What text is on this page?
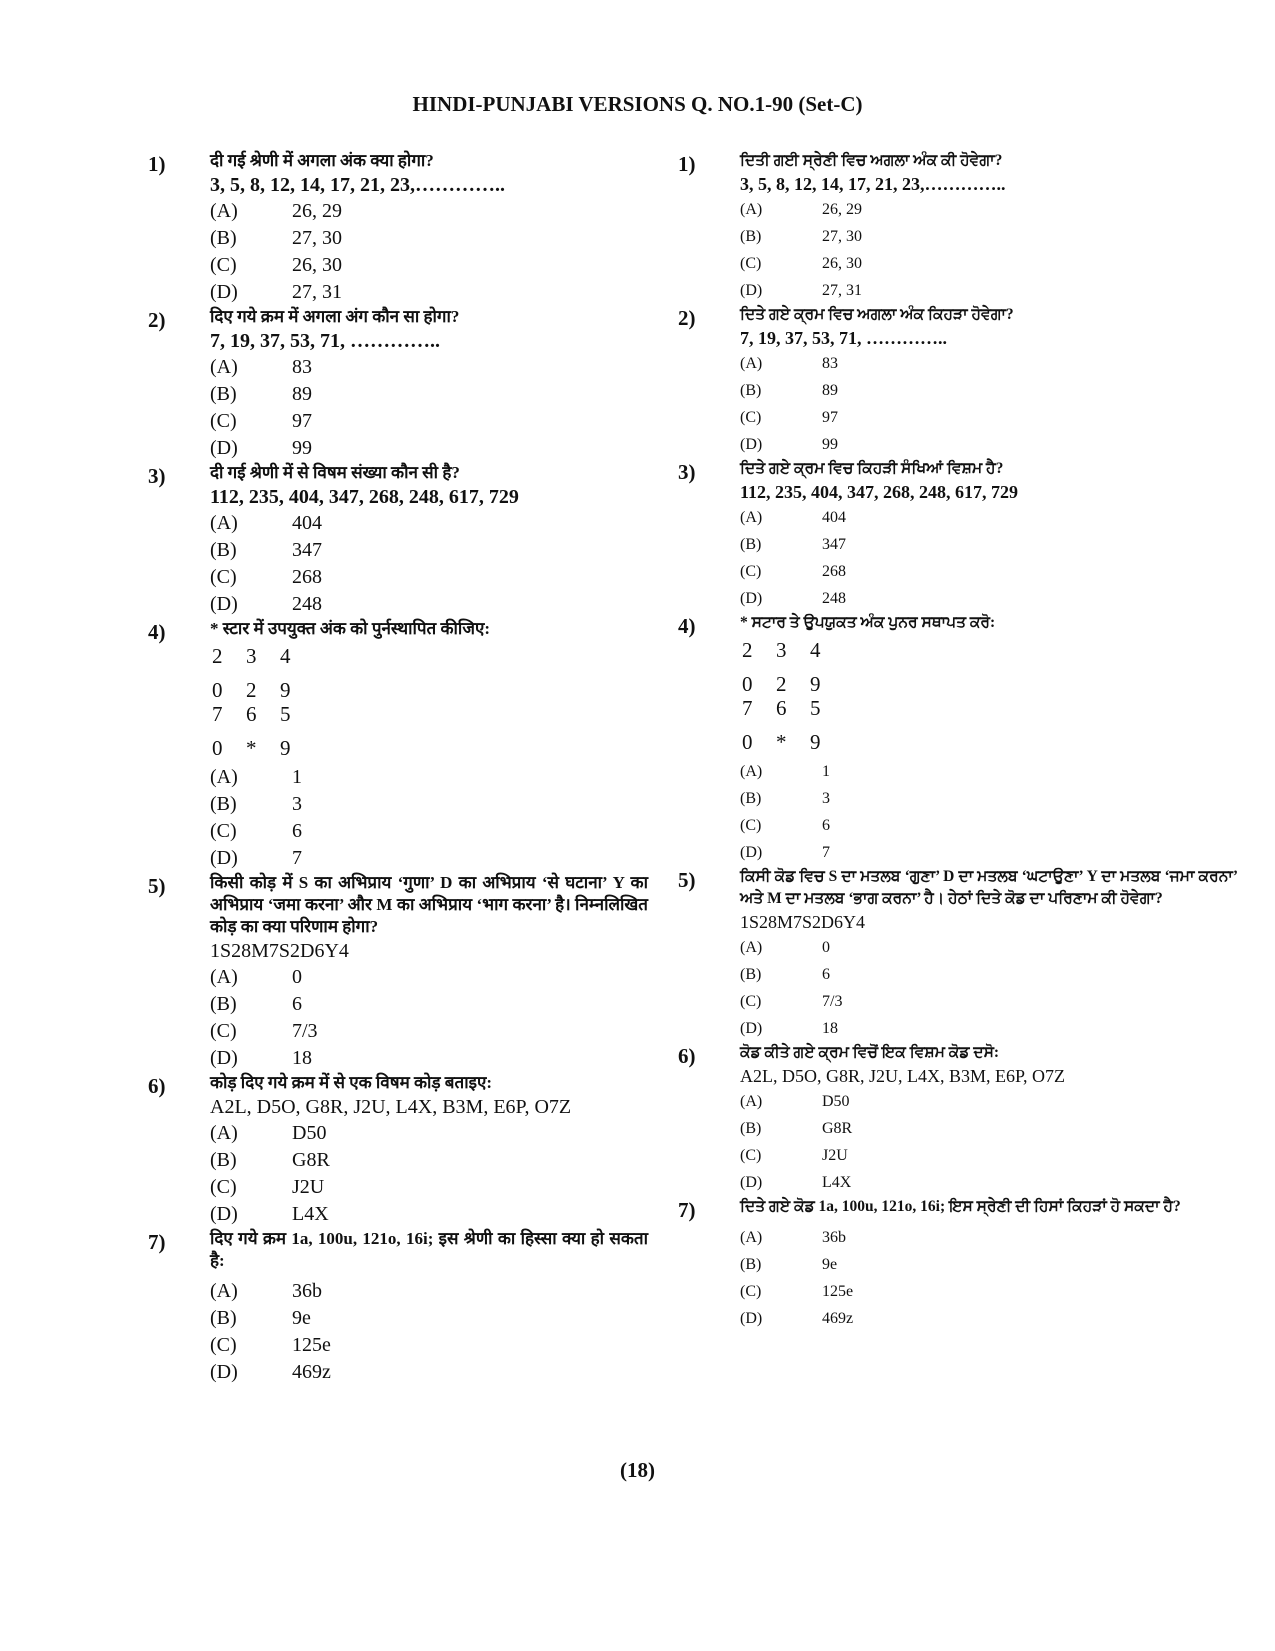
HINDI-PUNJABI VERSIONS Q. NO.1-90 (Set-C)
1)	दी गई श्रेणी में अगला अंक क्या होगा?
3, 5, 8, 12, 14, 17, 21, 23,…………..
(A)	26, 29
(B)	27, 30
(C)	26, 30
(D)	27, 31
2)	दिए गये क्रम में अगला अंग कौन सा होगा?
7, 19, 37, 53, 71, …………..
(A)	83
(B)	89
(C)	97
(D)	99
3)	दी गई श्रेणी में से विषम संख्या कौन सी है?
112, 235, 404, 347, 268, 248, 617, 729
(A)	404
(B)	347
(C)	268
(D)	248
4)	* स्टार में उपयुक्त अंक को पुर्नस्थापित कीजिए:
2	3	4
0	2	9
7	6	5
0	*	9
(A)	1
(B)	3
(C)	6
(D)	7
5)	किसी कोड़ में S का अभिप्राय ‘गुणा’ D का अभिप्राय ‘से घटाना’ Y का अभिप्राय ‘जमा करना’ और M का अभिप्राय ‘भाग करना’ है। निम्नलिखित कोड़ का क्या परिणाम होगा?
1S28M7S2D6Y4
(A)	0
(B)	6
(C)	7/3
(D)	18
6)	कोड़ दिए गये क्रम में से एक विषम कोड़ बताइए:
A2L, D5O, G8R, J2U, L4X, B3M, E6P, O7Z
(A)	D50
(B)	G8R
(C)	J2U
(D)	L4X
7)	दिए गये क्रम 1a, 100u, 121o, 16i; इस श्रेणी का हिस्सा क्या हो सकता है:
(A)	36b
(B)	9e
(C)	125e
(D)	469z
1)	ਦਿਤੀ ਗਈ ਸ੍ਰੇਣੀ ਵਿਚ ਅਗਲਾ ਅੰਕ ਕੀ ਹੋਵੇਗਾ?
3, 5, 8, 12, 14, 17, 21, 23,…………..
(A)	26, 29
(B)	27, 30
(C)	26, 30
(D)	27, 31
2)	ਦਿਤੇ ਗਏ ਕ੍ਰਮ ਵਿਚ ਅਗਲਾ ਅੰਕ ਕਿਹੜਾ ਹੋਵੇਗਾ?
7, 19, 37, 53, 71, …………..
(A)	83
(B)	89
(C)	97
(D)	99
3)	ਦਿਤੇ ਗਏ ਕ੍ਰਮ ਵਿਚ ਕਿਹੜੀ ਸੰਖਿਆਂ ਵਿਸ਼ਮ ਹੈ?
112, 235, 404, 347, 268, 248, 617, 729
(A)	404
(B)	347
(C)	268
(D)	248
4)	* ਸਟਾਰ ਤੇ ਉਪਯੁਕਤ ਅੰਕ ਪੁਨਰ ਸਥਾਪਤ ਕਰੋ:
2	3	4
0	2	9
7	6	5
0	*	9
(A)	1
(B)	3
(C)	6
(D)	7
5)	ਕਿਸੀ ਕੋਡ ਵਿਚ S ਦਾ ਮਤਲਬ ‘ਗੁਣਾ’ D ਦਾ ਮਤਲਬ ‘ਘਟਾਉਣਾ’ Y ਦਾ ਮਤਲਬ ‘ਜਮਾ ਕਰਨਾ’ ਅਤੇ M ਦਾ ਮਤਲਬ ‘ਭਾਗ ਕਰਨਾ’ ਹੈ। ਹੇਠਾਂ ਦਿਤੇ ਕੋਡ ਦਾ ਪਰਿਣਾਮ ਕੀ ਹੋਵੇਗਾ?
1S28M7S2D6Y4
(A)	0
(B)	6
(C)	7/3
(D)	18
6)	ਕੋਡ ਕੀਤੇ ਗਏ ਕ੍ਰਮ ਵਿਚੋਂ ਇਕ ਵਿਸ਼ਮ ਕੋਡ ਦਸੋ:
A2L, D5O, G8R, J2U, L4X, B3M, E6P, O7Z
(A)	D50
(B)	G8R
(C)	J2U
(D)	L4X
7)	ਦਿਤੇ ਗਏ ਕੋਡ 1a, 100u, 121o, 16i; ਇਸ ਸ੍ਰੇਣੀ ਦੀ ਹਿਸਾਂ ਕਿਹੜਾਂ ਹੋ ਸਕਦਾ ਹੈ?
(A)	36b
(B)	9e
(C)	125e
(D)	469z
(18)
